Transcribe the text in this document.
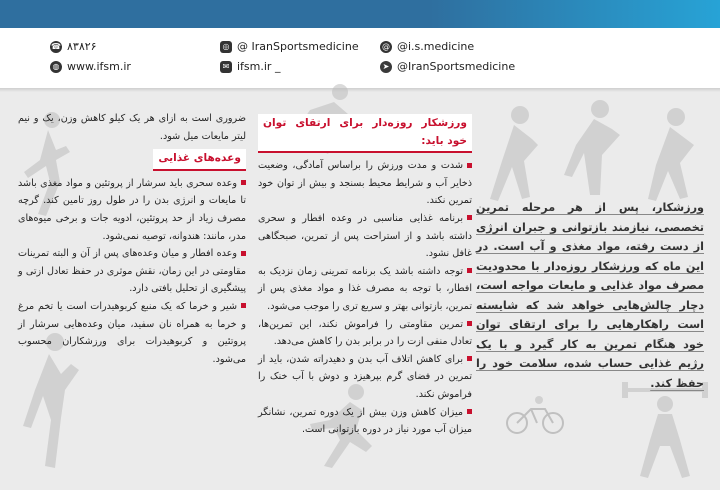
☎ ۸۳۸۲۶
◍ www.ifsm.ir
◎ @ IranSportsmedicine
✉ ifsm.ir _
@ @i.s.medicine
➤ @IranSportsmedicine
ورزشکار، پس از هر مرحله تمرین تخصصی، نیازمند بازتوانی و جبران انرژی از دست رفته، مواد مغذی و آب است. در این ماه که ورزشکار روزه‌دار با محدودیت مصرف مواد غذایی و مایعات مواجه است، دچار چالش‌هایی خواهد شد که شایسته است راهکارهایی را برای ارتقای توان خود هنگام تمرین به کار گیرد و با یک رژیم غذایی حساب شده، سلامت خود را حفظ کند.
ورزشکار روزه‌دار برای ارتقای توان خود باید:
شدت و مدت ورزش را براساس آمادگی، وضعیت ذخایر آب و شرایط محیط بسنجد و بیش از توان خود تمرین نکند.
برنامه غذایی مناسبی در وعده افطار و سحری داشته باشد و از استراحت پس از تمرین، صبحگاهی غافل نشود.
توجه داشته باشد یک برنامه تمرینی زمان نزدیک به افطار، با توجه به مصرف غذا و مواد مغذی پس از تمرین، بازتوانی بهتر و سریع تری را موجب می‌شود.
تمرین مقاومتی را فراموش نکند، این تمرین‌ها، تعادل منفی ازت را در برابر بدن را کاهش می‌دهد.
برای کاهش اتلاف آب بدن و دهیدراته شدن، باید از تمرین در فضای گرم بپرهیزد و دوش با آب خنک را فراموش نکند.
میزان کاهش وزن بیش از یک دوره تمرین، نشانگر میزان آب مورد نیاز در دوره بازتوانی است.
ضروری است به ازای هر یک کیلو کاهش وزن، یک و نیم لیتر مایعات میل شود.
وعده‌های غذایی
وعده سحری باید سرشار از پروتئین و مواد مغذی باشد تا مایعات و انرژی بدن را در طول روز تامین کند. گرچه مصرف زیاد از حد پروتئین، ادویه جات و برخی میوه‌های مدر، مانند: هندوانه، توصیه نمی‌شود.
وعده افطار و میان وعده‌های پس از آن و البته تمرینات مقاومتی در این زمان، نقش موثری در حفظ تعادل ازتی و پیشگیری از تحلیل بافتی دارد.
شیر و خرما که یک منبع کربوهیدرات است یا تخم مرغ و خرما به همراه نان سفید، میان وعده‌هایی سرشار از پروتئین و کربوهیدرات برای ورزشکاران محسوب می‌شود.
